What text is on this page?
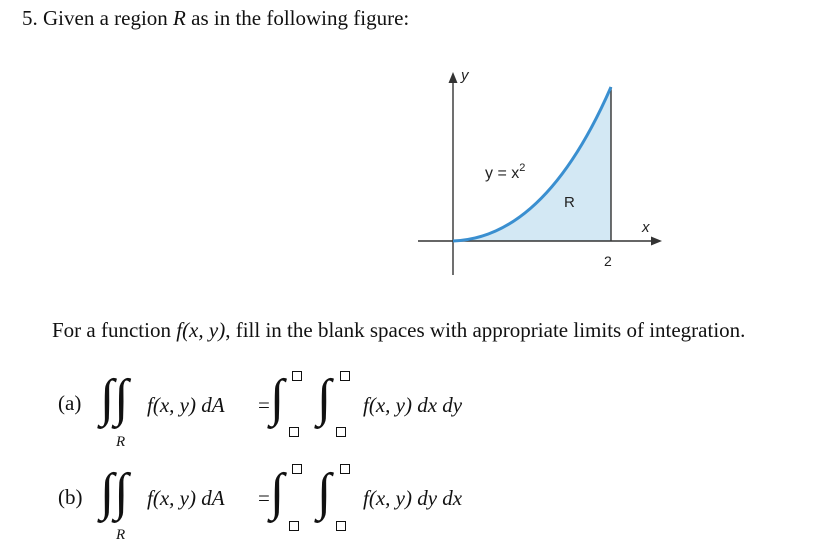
5. Given a region R as in the following figure:
y
x
$y = x^2$
R
2
For a function f(x, y), fill in the blank spaces with appropriate limits of integration.
(a) ∫∫
R
f(x, y) dA = ∫ ∫ f(x, y) dx dy
(b) ∫∫
R
f(x, y) dA = ∫ ∫ f(x, y) dy dx
